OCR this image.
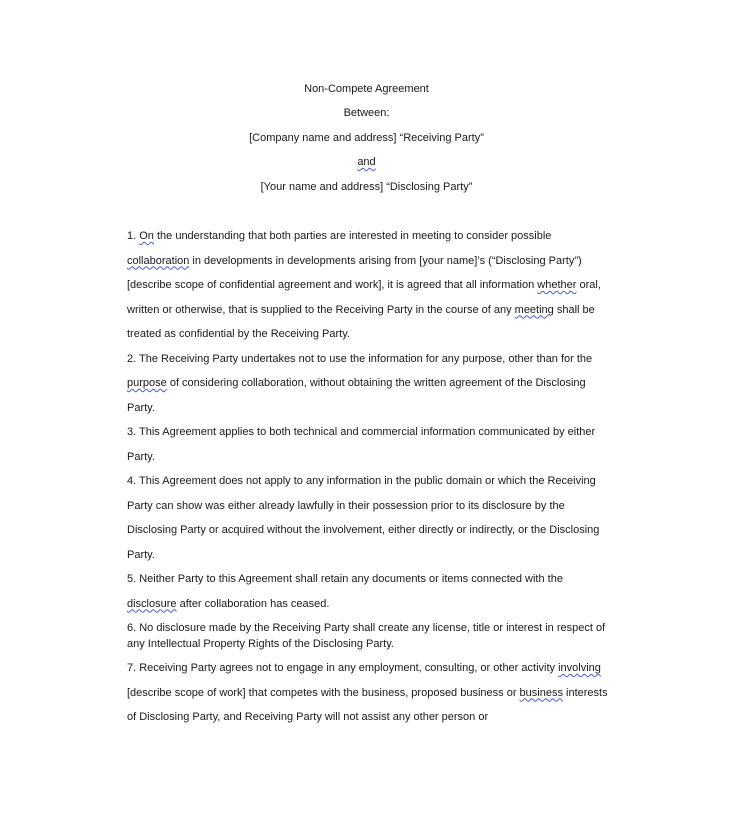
Non-Compete Agreement
Between:
[Company name and address] “Receiving Party”
and
[Your name and address] “Disclosing Party”

1. On the understanding that both parties are interested in meeting to consider possible collaboration in developments in developments arising from [your name]’s (“Disclosing Party”) [describe scope of confidential agreement and work], it is agreed that all information whether oral, written or otherwise, that is supplied to the Receiving Party in the course of any meeting shall be treated as confidential by the Receiving Party.

2. The Receiving Party undertakes not to use the information for any purpose, other than for the purpose of considering collaboration, without obtaining the written agreement of the Disclosing Party.

3. This Agreement applies to both technical and commercial information communicated by either Party.

4. This Agreement does not apply to any information in the public domain or which the Receiving Party can show was either already lawfully in their possession prior to its disclosure by the Disclosing Party or acquired without the involvement, either directly or indirectly, or the Disclosing Party.

5. Neither Party to this Agreement shall retain any documents or items connected with the disclosure after collaboration has ceased.

6. No disclosure made by the Receiving Party shall create any license, title or interest in respect of any Intellectual Property Rights of the Disclosing Party.

7. Receiving Party agrees not to engage in any employment, consulting, or other activity involving [describe scope of work] that competes with the business, proposed business or business interests of Disclosing Party, and Receiving Party will not assist any other person or
